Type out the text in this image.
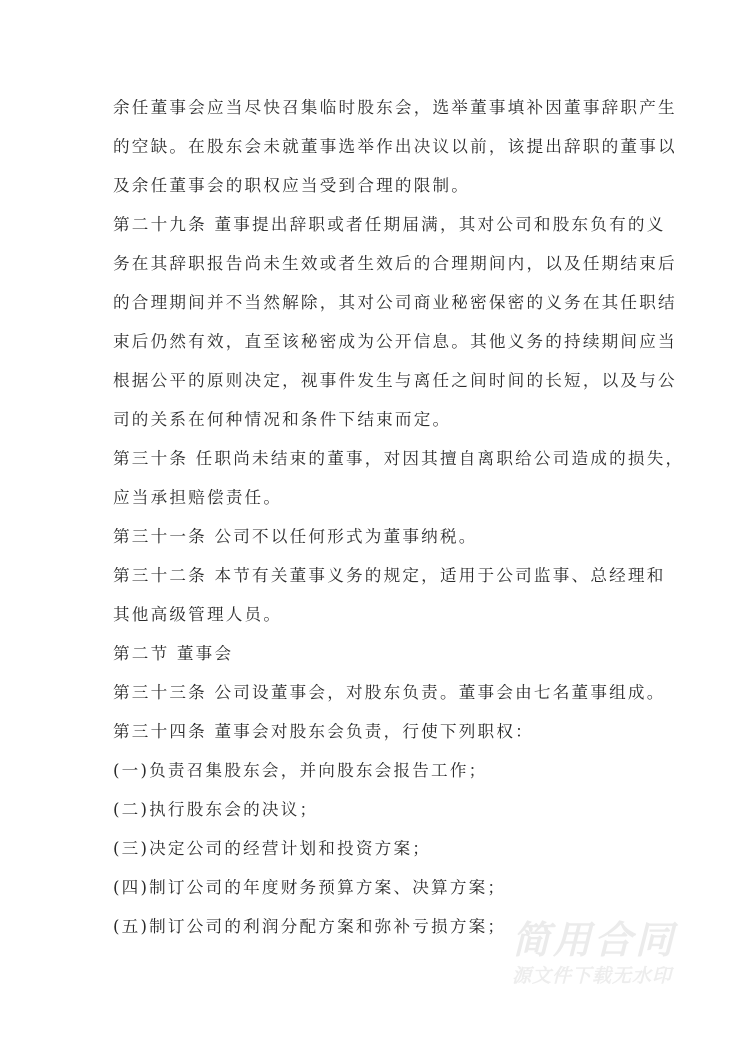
余任董事会应当尽快召集临时股东会，选举董事填补因董事辞职产生
的空缺。在股东会未就董事选举作出决议以前，该提出辞职的董事以
及余任董事会的职权应当受到合理的限制。
第二十九条 董事提出辞职或者任期届满，其对公司和股东负有的义
务在其辞职报告尚未生效或者生效后的合理期间内，以及任期结束后
的合理期间并不当然解除，其对公司商业秘密保密的义务在其任职结
束后仍然有效，直至该秘密成为公开信息。其他义务的持续期间应当
根据公平的原则决定，视事件发生与离任之间时间的长短，以及与公
司的关系在何种情况和条件下结束而定。
第三十条 任职尚未结束的董事，对因其擅自离职给公司造成的损失，
应当承担赔偿责任。
第三十一条 公司不以任何形式为董事纳税。
第三十二条 本节有关董事义务的规定，适用于公司监事、总经理和
其他高级管理人员。
第二节 董事会
第三十三条 公司设董事会，对股东负责。董事会由七名董事组成。
第三十四条 董事会对股东会负责，行使下列职权：
(一)负责召集股东会，并向股东会报告工作；
(二)执行股东会的决议；
(三)决定公司的经营计划和投资方案；
(四)制订公司的年度财务预算方案、决算方案；
(五)制订公司的利润分配方案和弥补亏损方案； 简用合同
源文件下载无水印
